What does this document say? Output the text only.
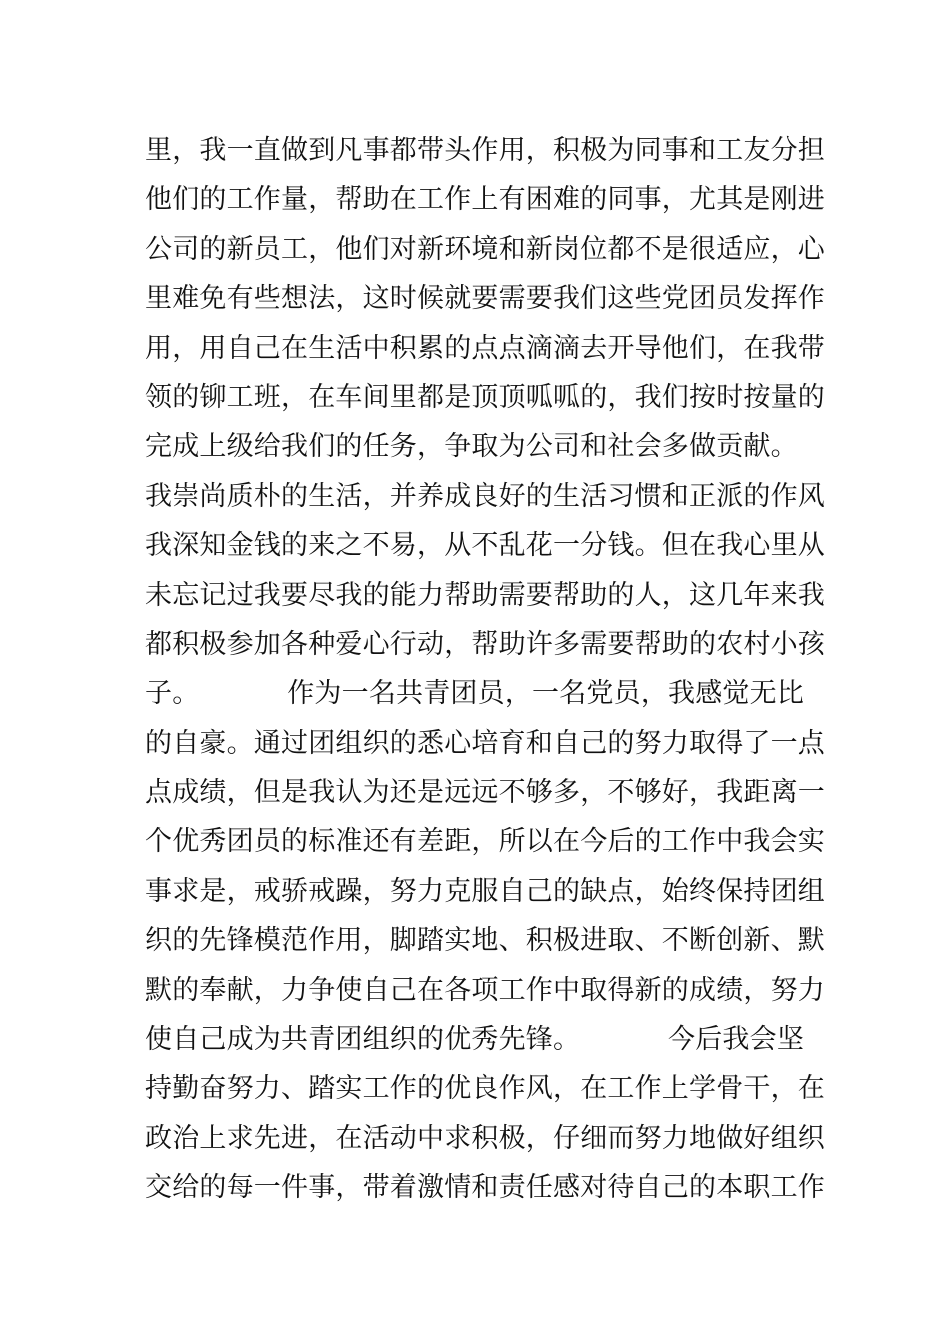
里，我一直做到凡事都带头作用，积极为同事和工友分担
他们的工作量，帮助在工作上有困难的同事，尤其是刚进
公司的新员工，他们对新环境和新岗位都不是很适应，心
里难免有些想法，这时候就要需要我们这些党团员发挥作
用，用自己在生活中积累的点点滴滴去开导他们，在我带
领的铆工班，在车间里都是顶顶呱呱的，我们按时按量的
完成上级给我们的任务，争取为公司和社会多做贡献。
我崇尚质朴的生活，并养成良好的生活习惯和正派的作风
我深知金钱的来之不易，从不乱花一分钱。但在我心里从
未忘记过我要尽我的能力帮助需要帮助的人，这几年来我
都积极参加各种爱心行动，帮助许多需要帮助的农村小孩
子。          作为一名共青团员，一名党员，我感觉无比
的自豪。通过团组织的悉心培育和自己的努力取得了一点
点成绩，但是我认为还是远远不够多，不够好，我距离一
个优秀团员的标准还有差距，所以在今后的工作中我会实
事求是，戒骄戒躁，努力克服自己的缺点，始终保持团组
织的先锋模范作用，脚踏实地、积极进取、不断创新、默
默的奉献，力争使自己在各项工作中取得新的成绩，努力
使自己成为共青团组织的优秀先锋。          今后我会坚
持勤奋努力、踏实工作的优良作风，在工作上学骨干，在
政治上求先进，在活动中求积极，仔细而努力地做好组织
交给的每一件事，带着激情和责任感对待自己的本职工作
